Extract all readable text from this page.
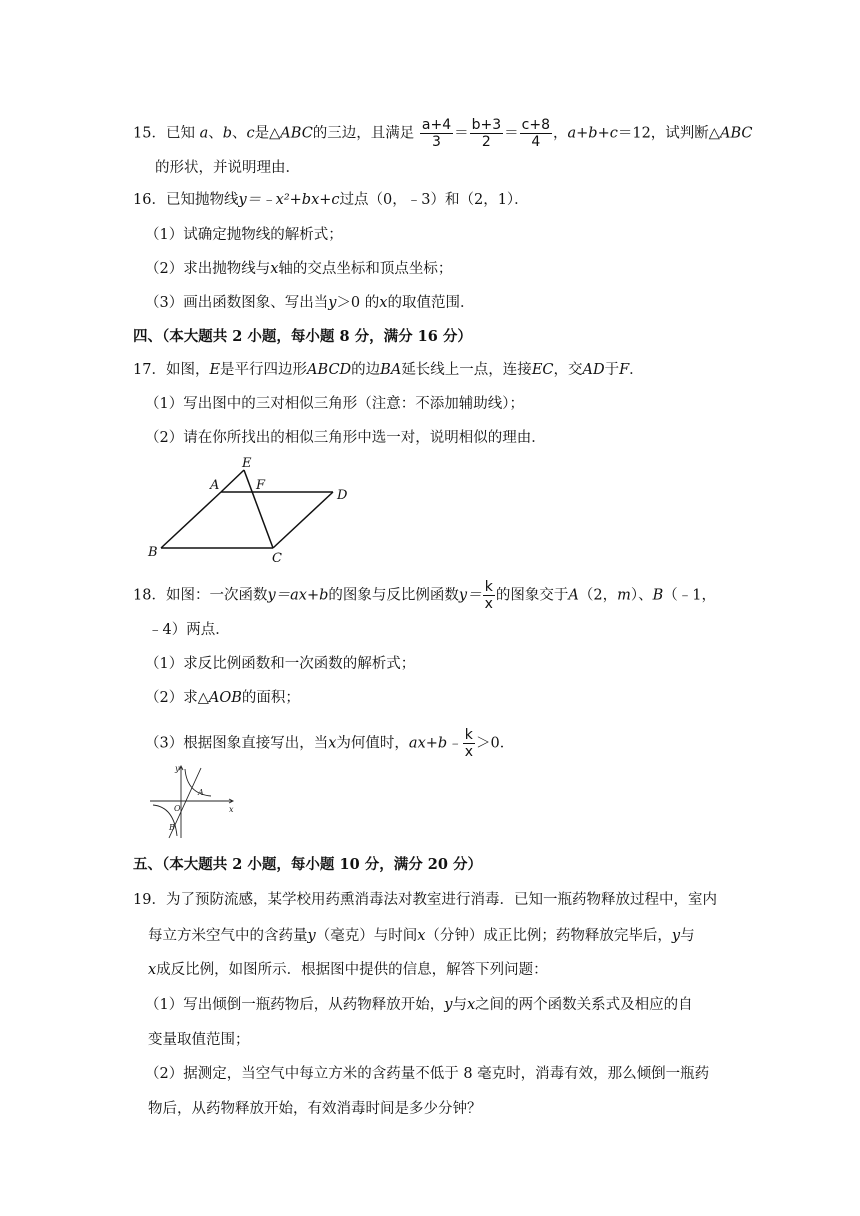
15．已知 a、b、c是△ABC的三边，且满足 $\frac{a+4}{3} = \frac{b+3}{2} = \frac{c+8}{4}$ ，a+b+c＝12，试判断△ABC
的形状，并说明理由．
16．已知抛物线y＝﹣x²+bx+c过点（0，﹣3）和（2，1）．
（1）试确定抛物线的解析式；
（2）求出抛物线与x轴的交点坐标和顶点坐标；
（3）画出函数图象、写出当y＞0 的x的取值范围．
四、（本大题共 2 小题，每小题 8 分，满分 16 分）
17．如图，E是平行四边形ABCD的边BA延长线上一点，连接EC，交AD于F．
（1）写出图中的三对相似三角形（注意：不添加辅助线）；
（2）请在你所找出的相似三角形中选一对，说明相似的理由．
E
A	F
D
B	C
18．如图：一次函数y＝ax+b的图象与反比例函数$y= \frac{k}{x}$ 的图象交于A（2，m）、B（﹣1，
﹣4）两点．
（1）求反比例函数和一次函数的解析式；
（2）求△AOB的面积；
（3）根据图象直接写出，当x为何值时，ax+b﹣ $\frac{k}{x} >0$．
y
x
O
A
B
五、（本大题共 2 小题，每小题 10 分，满分 20 分）
19．为了预防流感，某学校用药熏消毒法对教室进行消毒．已知一瓶药物释放过程中，室内
每立方米空气中的含药量y（毫克）与时间x（分钟）成正比例；药物释放完毕后，y与
x成反比例，如图所示．根据图中提供的信息，解答下列问题：
（1）写出倾倒一瓶药物后，从药物释放开始，y与x之间的两个函数关系式及相应的自
变量取值范围；
（2）据测定，当空气中每立方米的含药量不低于 8 毫克时，消毒有效，那么倾倒一瓶药
物后，从药物释放开始，有效消毒时间是多少分钟？
